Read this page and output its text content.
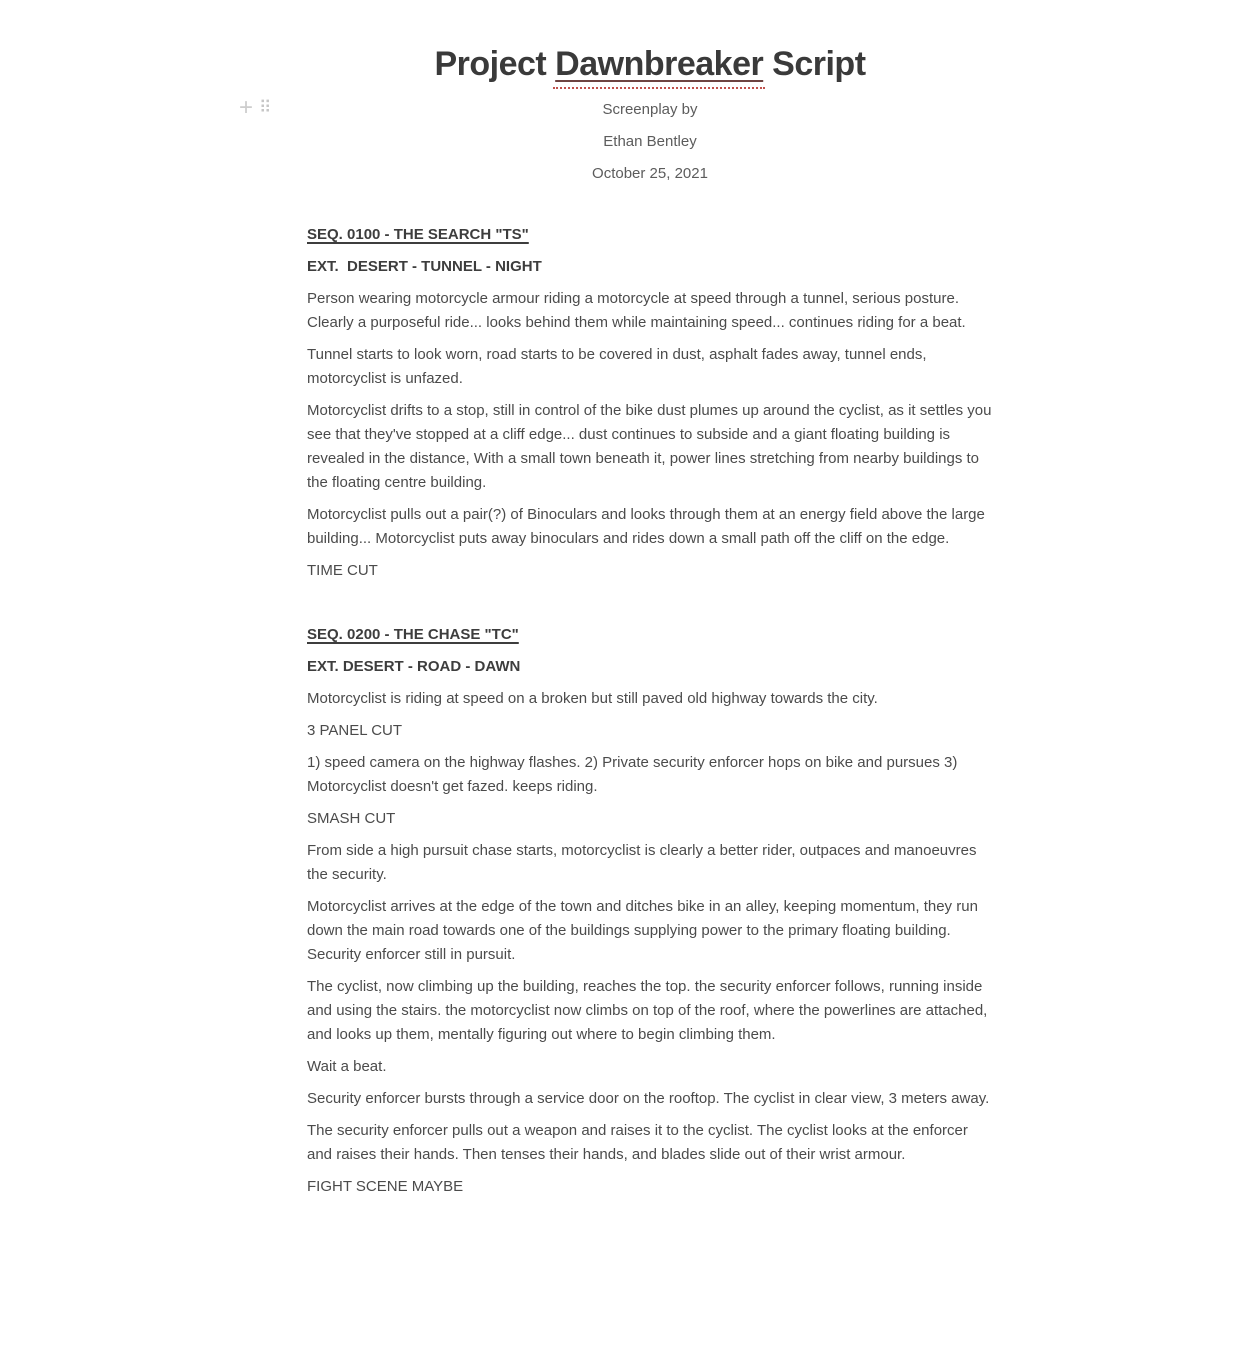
+ ⠿
Project Dawnbreaker Script

Screenplay by

Ethan Bentley

October 25, 2021

SEQ. 0100 - THE SEARCH "TS"
EXT.  DESERT - TUNNEL - NIGHT
Person wearing motorcycle armour riding a motorcycle at speed through a tunnel, serious posture. Clearly a purposeful ride... looks behind them while maintaining speed... continues riding for a beat.
Tunnel starts to look worn, road starts to be covered in dust, asphalt fades away, tunnel ends, motorcyclist is unfazed.
Motorcyclist drifts to a stop, still in control of the bike dust plumes up around the cyclist, as it settles you see that they've stopped at a cliff edge... dust continues to subside and a giant floating building is revealed in the distance, With a small town beneath it, power lines stretching from nearby buildings to the floating centre building.
Motorcyclist pulls out a pair(?) of Binoculars and looks through them at an energy field above the large building... Motorcyclist puts away binoculars and rides down a small path off the cliff on the edge.
TIME CUT
SEQ. 0200 - THE CHASE "TC"
EXT. DESERT - ROAD - DAWN
Motorcyclist is riding at speed on a broken but still paved old highway towards the city.
3 PANEL CUT
1) speed camera on the highway flashes. 2) Private security enforcer hops on bike and pursues 3) Motorcyclist doesn't get fazed. keeps riding.
SMASH CUT
From side a high pursuit chase starts, motorcyclist is clearly a better rider, outpaces and manoeuvres the security.
Motorcyclist arrives at the edge of the town and ditches bike in an alley, keeping momentum, they run down the main road towards one of the buildings supplying power to the primary floating building. Security enforcer still in pursuit.
The cyclist, now climbing up the building, reaches the top. the security enforcer follows, running inside and using the stairs. the motorcyclist now climbs on top of the roof, where the powerlines are attached, and looks up them, mentally figuring out where to begin climbing them.
Wait a beat.
Security enforcer bursts through a service door on the rooftop. The cyclist in clear view, 3 meters away.
The security enforcer pulls out a weapon and raises it to the cyclist. The cyclist looks at the enforcer and raises their hands. Then tenses their hands, and blades slide out of their wrist armour.
FIGHT SCENE MAYBE
